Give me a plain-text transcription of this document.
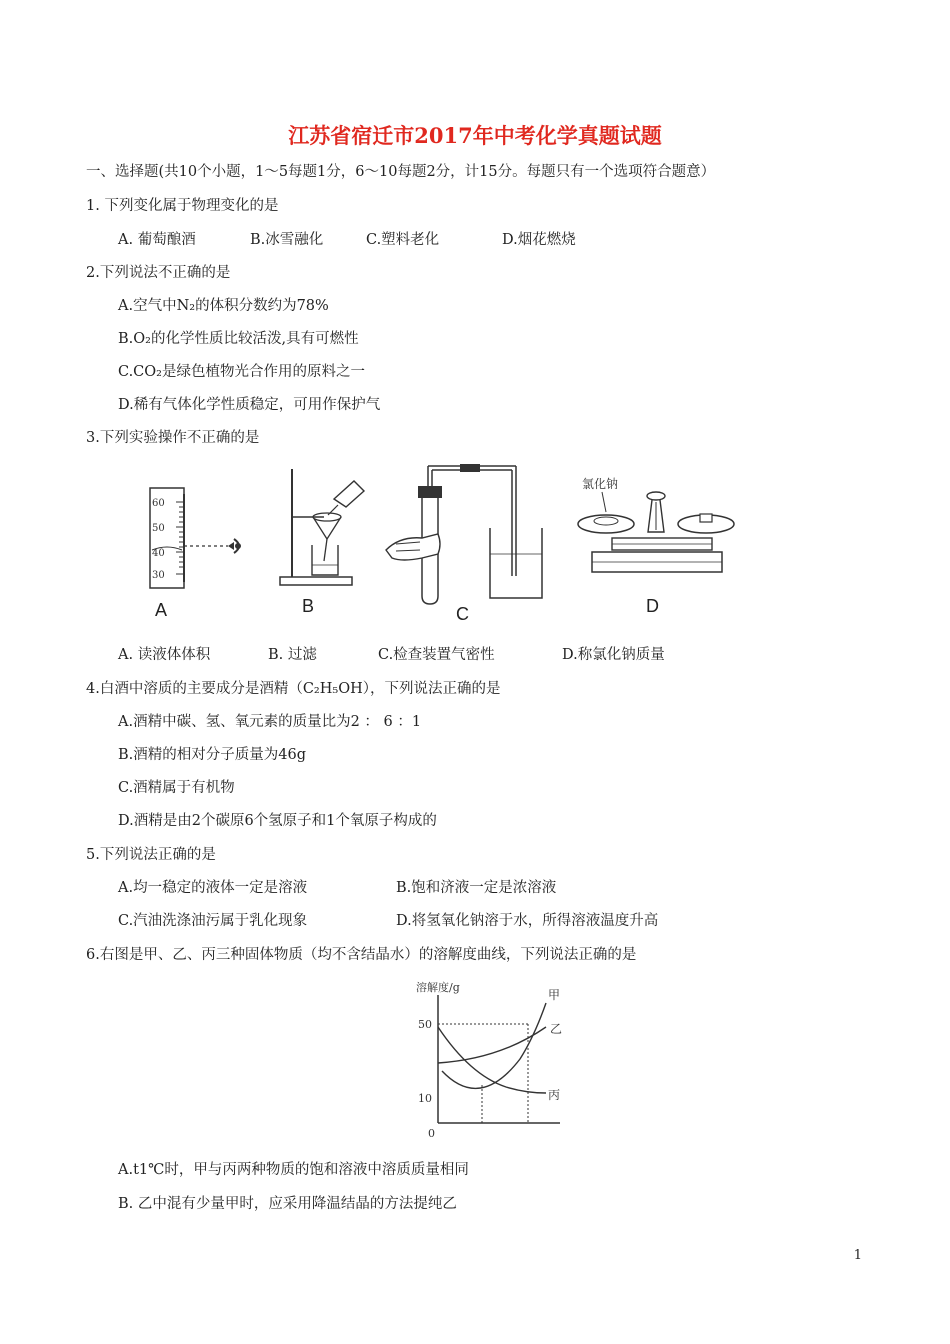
江苏省宿迁市2017年中考化学真题试题
一、选择题(共10个小题，1～5每题1分，6～10每题2分，计15分。每题只有一个选项符合题意）
1. 下列变化属于物理变化的是
A. 葡萄酿酒	B.冰雪融化	C.塑料老化	D.烟花燃烧
2.下列说法不正确的是
A.空气中N₂的体积分数约为78%
B.O₂的化学性质比较活泼,具有可燃性
C.CO₂是绿色植物光合作用的原料之一
D.稀有气体化学性质稳定，可用作保护气
3.下列实验操作不正确的是
60
50
40
30
A	B	C
氯化钠
D
A. 读液体体积	B. 过滤	C.检查装置气密性	D.称氯化钠质量
4.白酒中溶质的主要成分是酒精（C₂H₅OH），下列说法正确的是
A.酒精中碳、氢、氧元素的质量比为2 ： 6 ：1
B.酒精的相对分子质量为46g
C.酒精属于有机物
D.酒精是由2个碳原6个氢原子和1个氧原子构成的
5.下列说法正确的是
A.均一稳定的液体一定是溶液	B.饱和济液一定是浓溶液
C.汽油洗涤油污属于乳化现象	D.将氢氧化钠溶于水，所得溶液温度升高
6.右图是甲、乙、丙三种固体物质（均不含结晶水）的溶解度曲线，下列说法正确的是
溶解度/g
50
10
0
甲
乙
丙
A.t1℃时，甲与丙两种物质的饱和溶液中溶质质量相同
B. 乙中混有少量甲时，应采用降温结晶的方法提纯乙
1
